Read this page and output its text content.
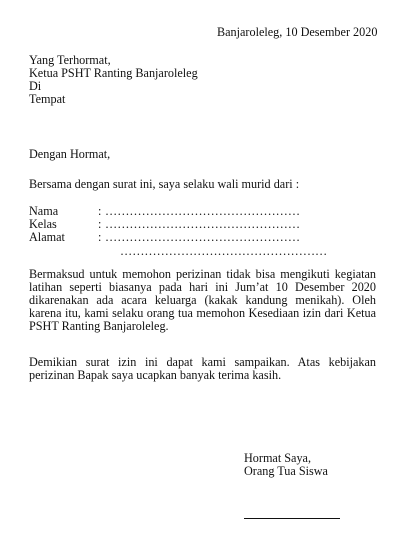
Banjaroleleg, 10 Desember 2020
Yang Terhormat,
Ketua PSHT Ranting Banjaroleleg
Di
Tempat
Dengan Hormat,
Bersama dengan surat ini, saya selaku wali murid dari :
Nama	: …………………………………………
Kelas	: …………………………………………
Alamat	: …………………………………………
……………………………………………
Bermaksud untuk memohon perizinan tidak bisa mengikuti kegiatan latihan seperti biasanya pada hari ini Jum’at 10 Desember 2020 dikarenakan ada acara keluarga (kakak kandung menikah). Oleh karena itu, kami selaku orang tua memohon Kesediaan izin dari Ketua PSHT Ranting Banjaroleleg.
Demikian surat izin ini dapat kami sampaikan. Atas kebijakan perizinan Bapak saya ucapkan banyak terima kasih.
Hormat Saya,
Orang Tua Siswa
